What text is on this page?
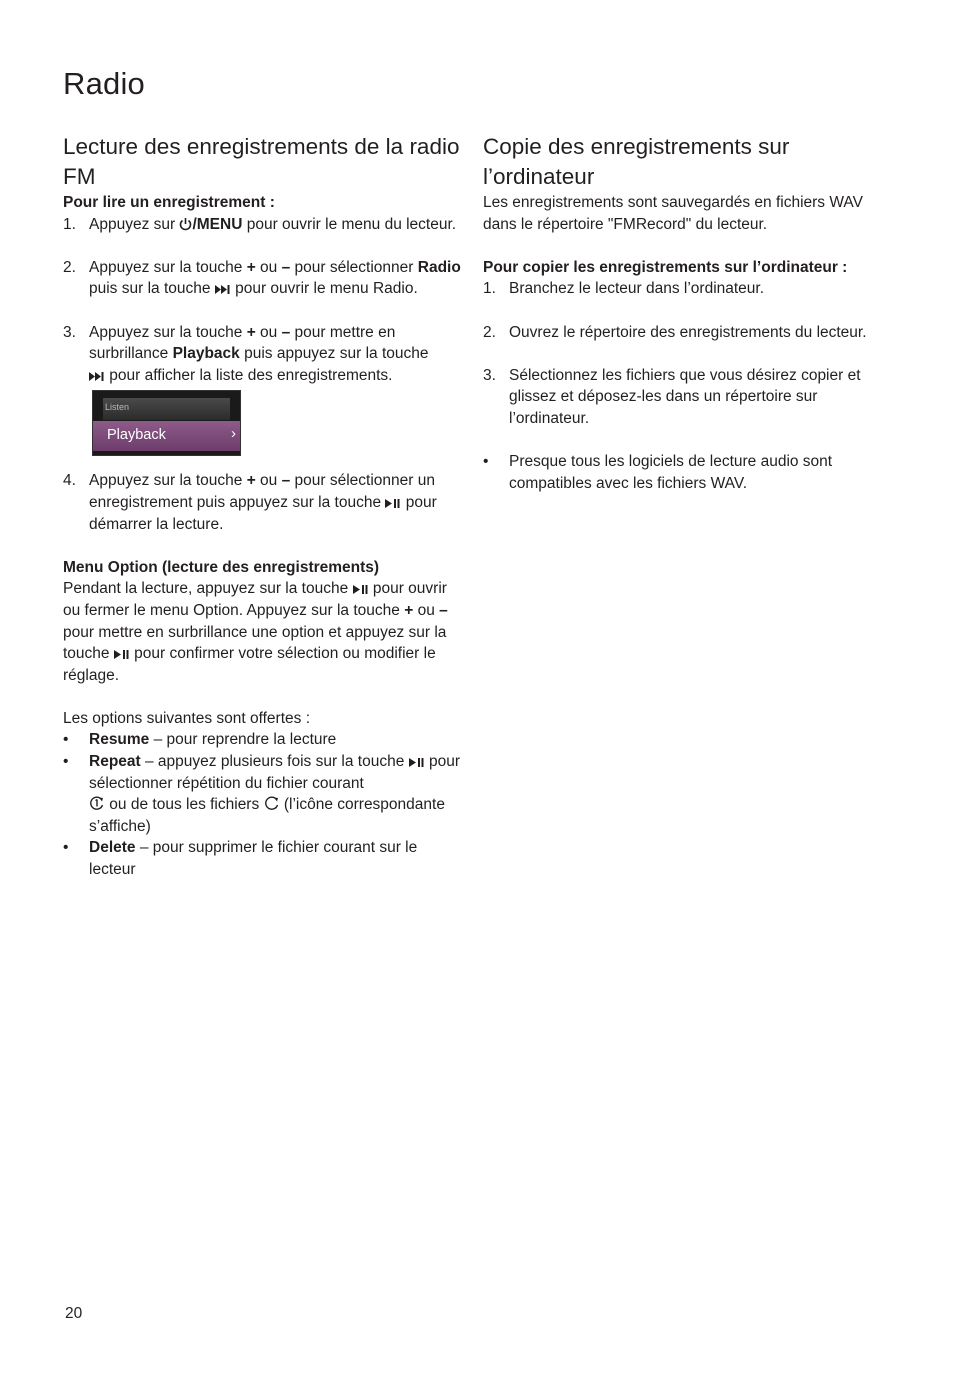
Radio
Lecture des enregistrements de la radio FM
Pour lire un enregistrement :
1. Appuyez sur /MENU pour ouvrir le menu du lecteur.
2. Appuyez sur la touche + ou – pour sélectionner Radio puis sur la touche  pour ouvrir le menu Radio.
3. Appuyez sur la touche + ou – pour mettre en surbrillance Playback puis appuyez sur la touche
pour afficher la liste des enregistrements.
Listen
Playback	›
4. Appuyez sur la touche + ou – pour sélectionner un enregistrement puis appuyez sur la touche  pour démarrer la lecture.
Menu Option (lecture des enregistrements)
Pendant la lecture, appuyez sur la touche  pour ouvrir ou fermer le menu Option. Appuyez sur la touche + ou – pour mettre en surbrillance une option et appuyez sur la touche  pour confirmer votre sélection ou modifier le réglage.
Les options suivantes sont offertes :
• Resume – pour reprendre la lecture
• Repeat – appuyez plusieurs fois sur la touche  pour sélectionner répétition du fichier courant
ou de tous les fichiers  (l’icône correspondante s’affiche)
• Delete – pour supprimer le fichier courant sur le lecteur
Copie des enregistrements sur l’ordinateur
Les enregistrements sont sauvegardés en fichiers WAV dans le répertoire "FMRecord" du lecteur.
Pour copier les enregistrements sur l’ordinateur :
1. Branchez le lecteur dans l’ordinateur.
2. Ouvrez le répertoire des enregistrements du lecteur.
3. Sélectionnez les fichiers que vous désirez copier et glissez et déposez-les dans un répertoire sur l’ordinateur.
• Presque tous les logiciels de lecture audio sont compatibles avec les fichiers WAV.
20
